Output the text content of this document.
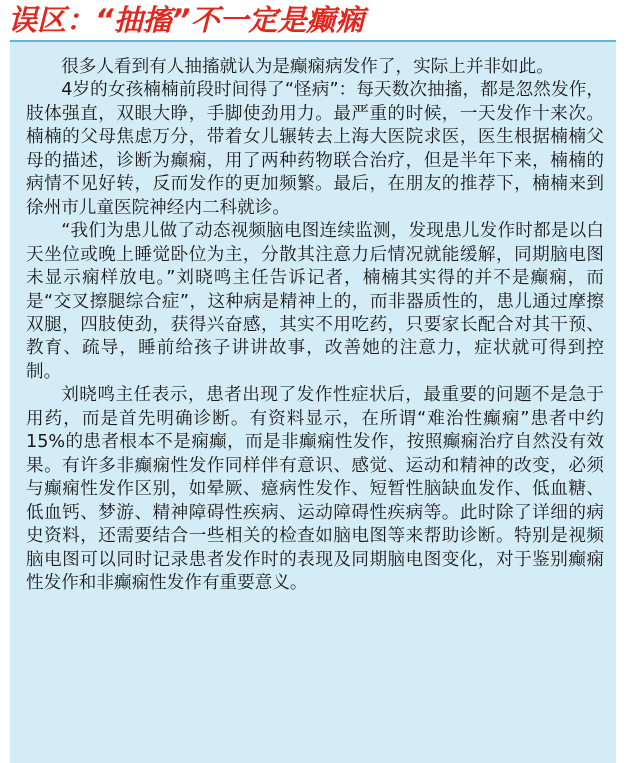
误区：“抽搐”不一定是癫痫

很多人看到有人抽搐就认为是癫痫病发作了，实际上并非如此。

4岁的女孩楠楠前段时间得了“怪病”：每天数次抽搐，都是忽然发作，肢体强直，双眼大睁，手脚使劲用力。最严重的时候，一天发作十来次。楠楠的父母焦虑万分，带着女儿辗转去上海大医院求医，医生根据楠楠父母的描述，诊断为癫痫，用了两种药物联合治疗，但是半年下来，楠楠的病情不见好转，反而发作的更加频繁。最后，在朋友的推荐下，楠楠来到徐州市儿童医院神经内二科就诊。

“我们为患儿做了动态视频脑电图连续监测，发现患儿发作时都是以白天坐位或晚上睡觉卧位为主，分散其注意力后情况就能缓解，同期脑电图未显示痫样放电。”刘晓鸣主任告诉记者，楠楠其实得的并不是癫痫，而是“交叉擦腿综合症”，这种病是精神上的，而非器质性的，患儿通过摩擦双腿，四肢使劲，获得兴奋感，其实不用吃药，只要家长配合对其干预、教育、疏导，睡前给孩子讲讲故事，改善她的注意力，症状就可得到控制。

刘晓鸣主任表示，患者出现了发作性症状后，最重要的问题不是急于用药，而是首先明确诊断。有资料显示，在所谓“难治性癫痫”患者中约15%的患者根本不是痫癫，而是非癫痫性发作，按照癫痫治疗自然没有效果。有许多非癫痫性发作同样伴有意识、感觉、运动和精神的改变，必须与癫痫性发作区别，如晕厥、癔病性发作、短暂性脑缺血发作、低血糖、低血钙、梦游、精神障碍性疾病、运动障碍性疾病等。此时除了详细的病史资料，还需要结合一些相关的检查如脑电图等来帮助诊断。特别是视频脑电图可以同时记录患者发作时的表现及同期脑电图变化，对于鉴别癫痫性发作和非癫痫性发作有重要意义。
